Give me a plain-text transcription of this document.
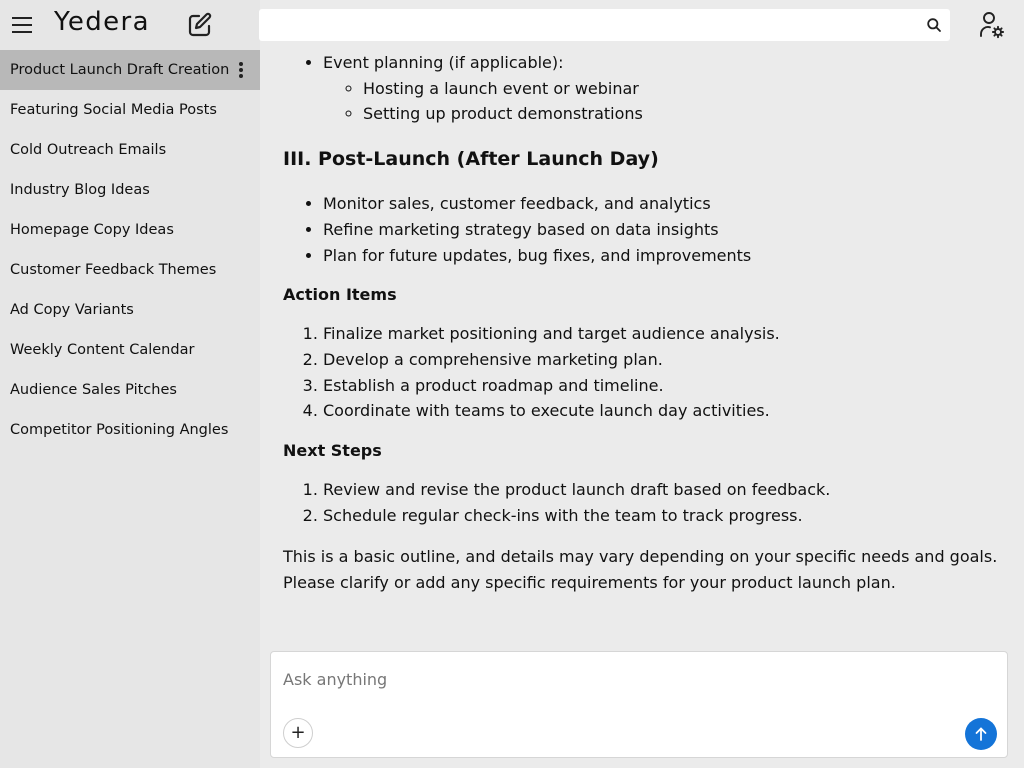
Yedera
Product Launch Draft Creation
Featuring Social Media Posts
Cold Outreach Emails
Industry Blog Ideas
Homepage Copy Ideas
Customer Feedback Themes
Ad Copy Variants
Weekly Content Calendar
Audience Sales Pitches
Competitor Positioning Angles
• Event planning (if applicable):
◦ Hosting a launch event or webinar
◦ Setting up product demonstrations
III. Post-Launch (After Launch Day)
• Monitor sales, customer feedback, and analytics
• Refine marketing strategy based on data insights
• Plan for future updates, bug fixes, and improvements
Action Items
1. Finalize market positioning and target audience analysis.
2. Develop a comprehensive marketing plan.
3. Establish a product roadmap and timeline.
4. Coordinate with teams to execute launch day activities.
Next Steps
1. Review and revise the product launch draft based on feedback.
2. Schedule regular check-ins with the team to track progress.

This is a basic outline, and details may vary depending on your specific needs and goals. Please clarify or add any specific requirements for your product launch plan.

Ask anything
+
